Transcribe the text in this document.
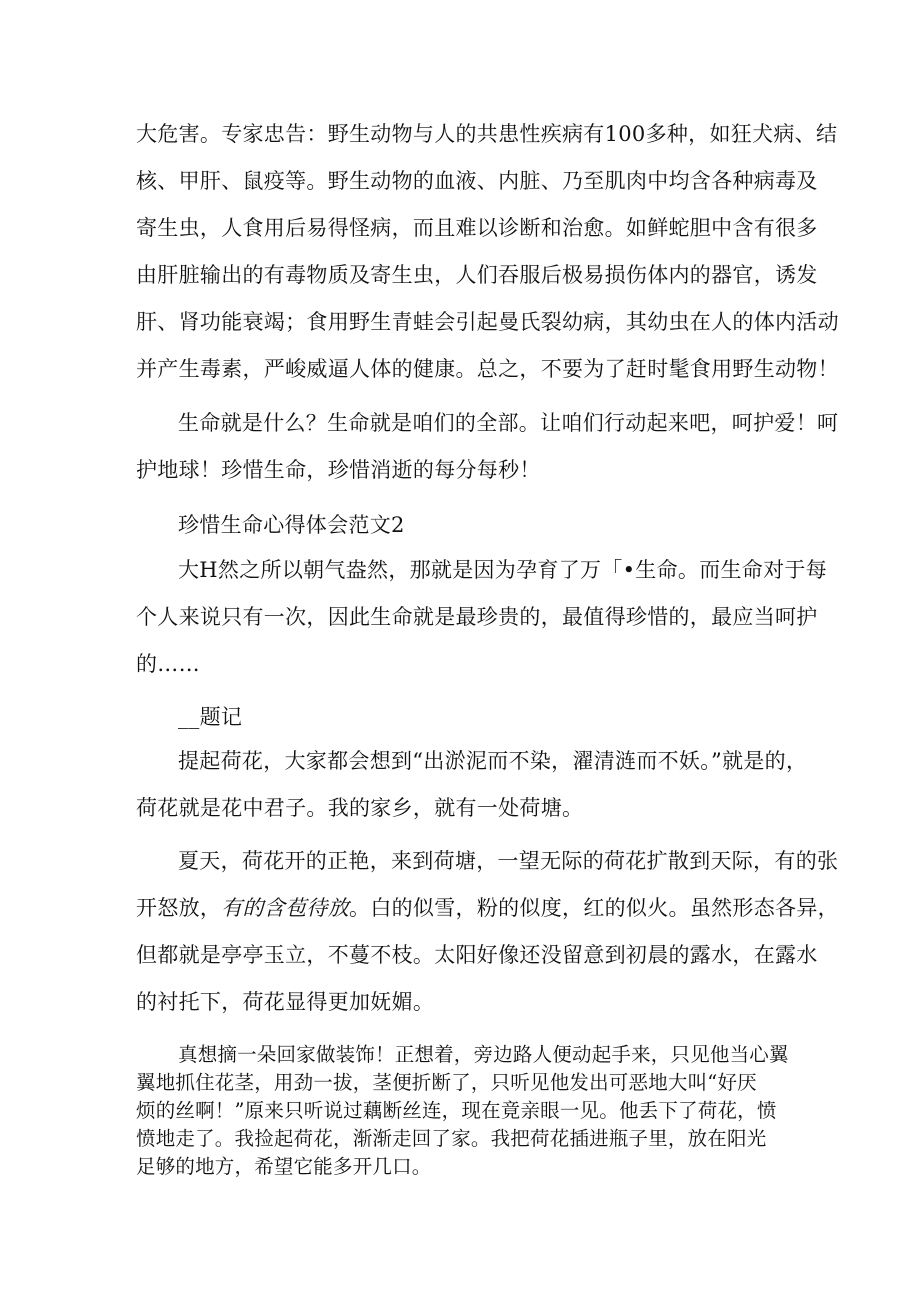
大危害。专家忠告：野生动物与人的共患性疾病有100多种，如狂犬病、结
核、甲肝、鼠疫等。野生动物的血液、内脏、乃至肌肉中均含各种病毒及
寄生虫，人食用后易得怪病，而且难以诊断和治愈。如鲜蛇胆中含有很多
由肝脏输出的有毒物质及寄生虫，人们吞服后极易损伤体内的器官，诱发
肝、肾功能衰竭；食用野生青蛙会引起曼氏裂幼病，其幼虫在人的体内活动
并产生毒素，严峻威逼人体的健康。总之，不要为了赶时髦食用野生动物！
生命就是什么？生命就是咱们的全部。让咱们行动起来吧，呵护爱！呵
护地球！珍惜生命，珍惜消逝的每分每秒！
珍惜生命心得体会范文2
大H然之所以朝气盎然，那就是因为孕育了万「•生命。而生命对于每
个人来说只有一次，因此生命就是最珍贵的，最值得珍惜的，最应当呵护
的……
__题记
提起荷花，大家都会想到“出淤泥而不染，濯清涟而不妖。”就是的，
荷花就是花中君子。我的家乡，就有一处荷塘。
夏天，荷花开的正艳，来到荷塘，一望无际的荷花扩散到天际，有的张
开怒放，有的含苞待放。白的似雪，粉的似度，红的似火。虽然形态各异，
但都就是亭亭玉立，不蔓不枝。太阳好像还没留意到初晨的露水，在露水
的衬托下，荷花显得更加妩媚。
真想摘一朵回家做装饰！正想着，旁边路人便动起手来，只见他当心翼
翼地抓住花茎，用劲一拔，茎便折断了，只听见他发出可恶地大叫“好厌
烦的丝啊！”原来只听说过藕断丝连，现在竟亲眼一见。他丢下了荷花，愤
愤地走了。我捡起荷花，渐渐走回了家。我把荷花插进瓶子里，放在阳光
足够的地方，希望它能多开几口。
